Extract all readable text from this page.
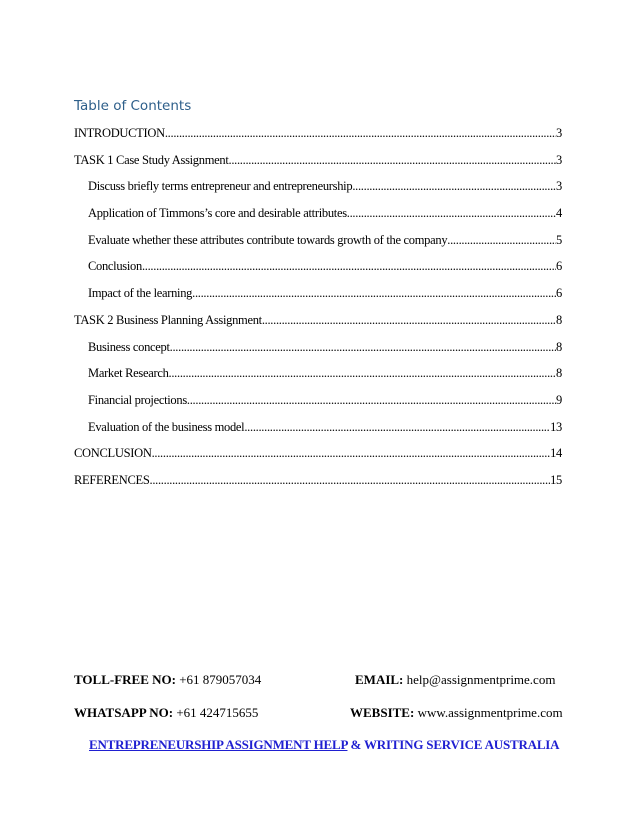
Table of Contents
INTRODUCTION .....	3
TASK 1 Case Study Assignment .....	3
Discuss briefly terms entrepreneur and entrepreneurship .....	3
Application of Timmons’s core and desirable attributes .....	4
Evaluate whether these attributes contribute towards growth of the company .....	5
Conclusion .....	6
Impact of the learning .....	6
TASK 2 Business Planning Assignment .....	8
Business concept .....	8
Market Research .....	8
Financial projections .....	9
Evaluation of the business model .....	13
CONCLUSION .....	14
REFERENCES .....	15
TOLL-FREE NO: +61 879057034	EMAIL: help@assignmentprime.com
WHATSAPP NO: +61 424715655	WEBSITE: www.assignmentprime.com
ENTREPRENEURSHIP ASSIGNMENT HELP & WRITING SERVICE AUSTRALIA
